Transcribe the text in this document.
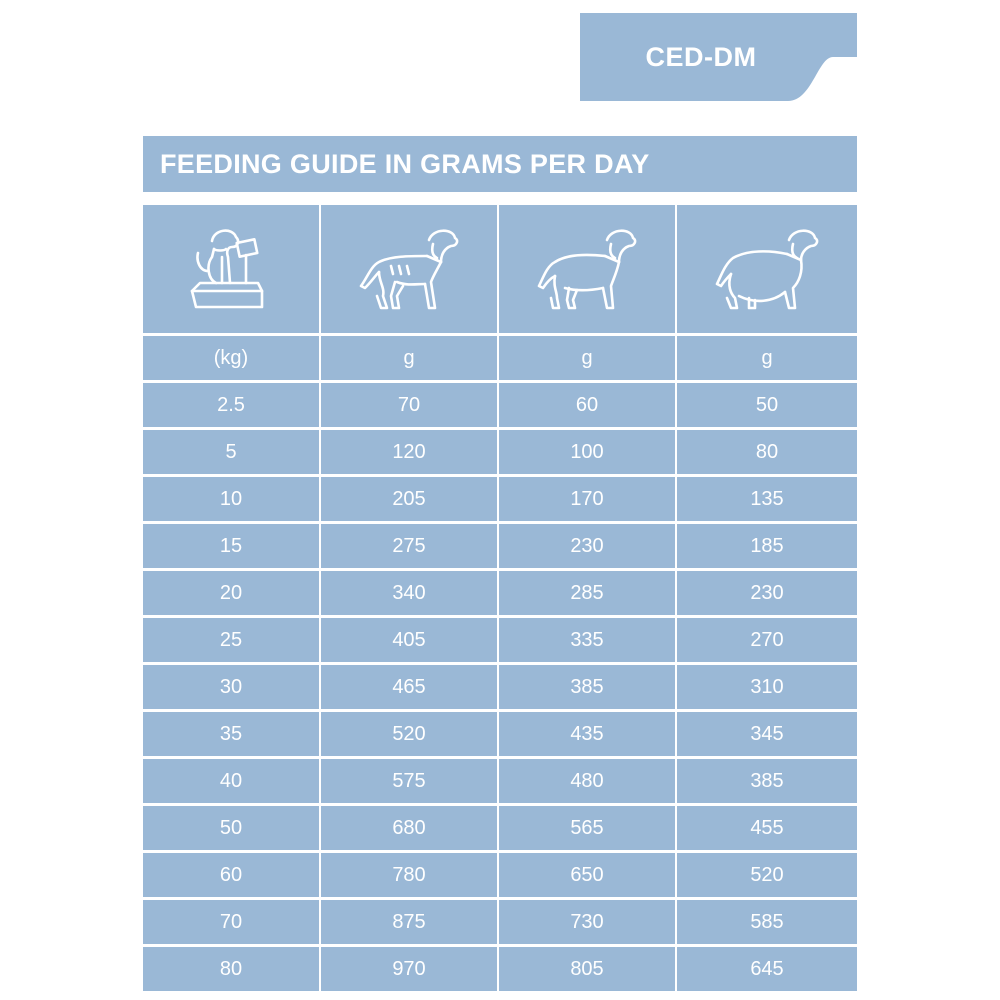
CED-DM
FEEDING GUIDE IN GRAMS PER DAY
(kg)	g	g	g
2.5	70	60	50
5	120	100	80
10	205	170	135
15	275	230	185
20	340	285	230
25	405	335	270
30	465	385	310
35	520	435	345
40	575	480	385
50	680	565	455
60	780	650	520
70	875	730	585
80	970	805	645
